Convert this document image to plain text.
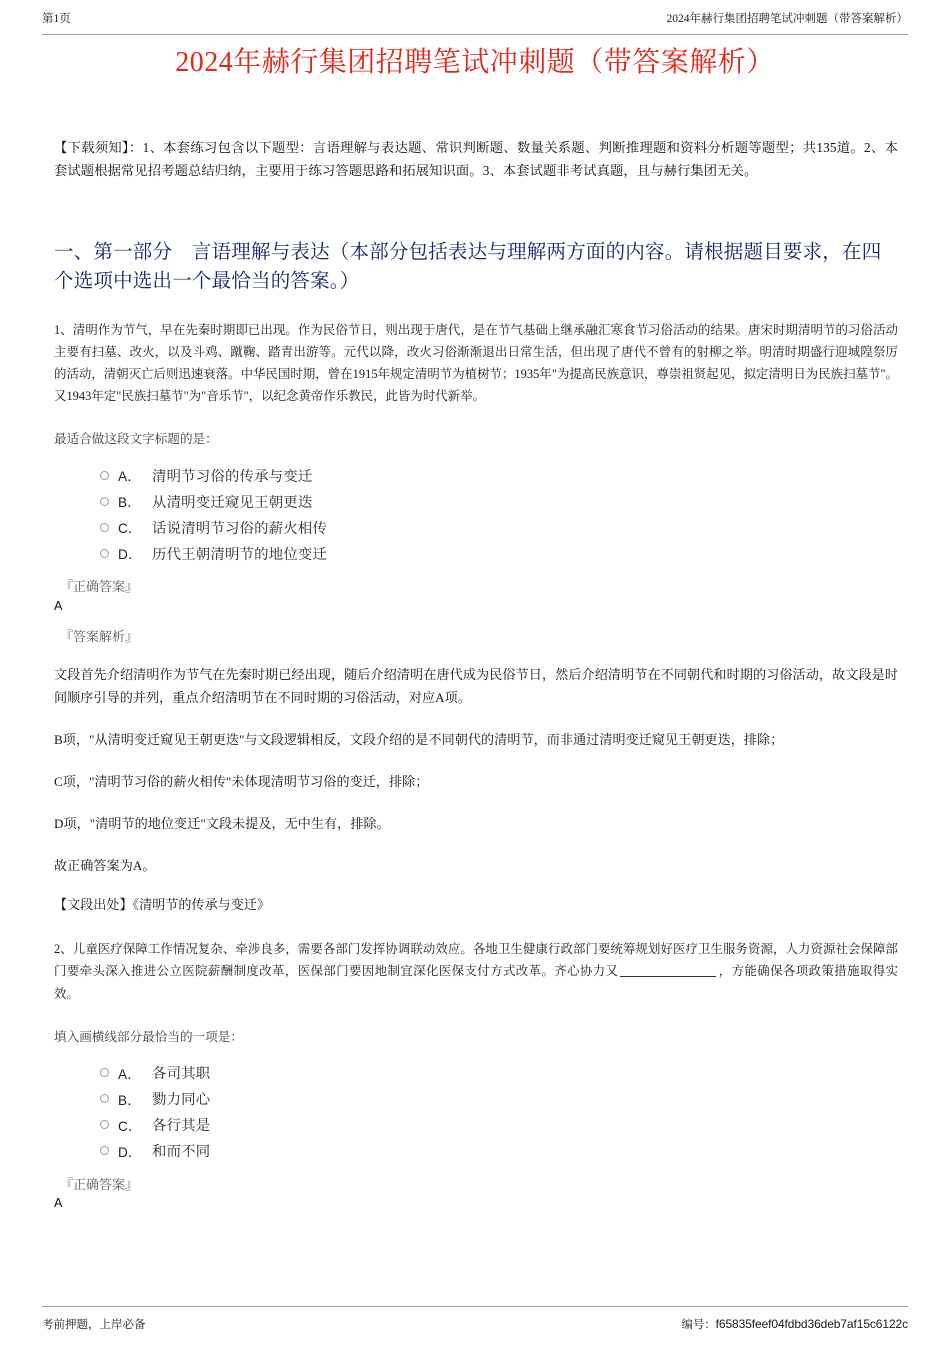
第1页	2024年赫行集团招聘笔试冲刺题（带答案解析）
2024年赫行集团招聘笔试冲刺题（带答案解析）
【下载须知】：1、本套练习包含以下题型：言语理解与表达题、常识判断题、数量关系题、判断推理题和资料分析题等题型；共135道。2、本套试题根据常见招考题总结归纳，主要用于练习答题思路和拓展知识面。3、本套试题非考试真题，且与赫行集团无关。
一、第一部分　言语理解与表达（本部分包括表达与理解两方面的内容。请根据题目要求，在四个选项中选出一个最恰当的答案。）
1、清明作为节气，早在先秦时期即已出现。作为民俗节日，则出现于唐代，是在节气基础上继承融汇寒食节习俗活动的结果。唐宋时期清明节的习俗活动主要有扫墓、改火，以及斗鸡、蹴鞠、踏青出游等。元代以降，改火习俗渐渐退出日常生活，但出现了唐代不曾有的射柳之举。明清时期盛行迎城隍祭厉的活动，清朝灭亡后则迅速衰落。中华民国时期，曾在1915年规定清明节为植树节；1935年"为提高民族意识，尊崇祖贤起见，拟定清明日为民族扫墓节"。又1943年定"民族扫墓节"为"音乐节"，以纪念黄帝作乐教民，此皆为时代新举。
最适合做这段文字标题的是：
A． 清明节习俗的传承与变迁
B． 从清明变迁窥见王朝更迭
C． 话说清明节习俗的薪火相传
D． 历代王朝清明节的地位变迁
『正确答案』
A
『答案解析』
文段首先介绍清明作为节气在先秦时期已经出现，随后介绍清明在唐代成为民俗节日，然后介绍清明节在不同朝代和时期的习俗活动，故文段是时间顺序引导的并列，重点介绍清明节在不同时期的习俗活动，对应A项。
B项，"从清明变迁窥见王朝更迭"与文段逻辑相反，文段介绍的是不同朝代的清明节，而非通过清明变迁窥见王朝更迭，排除；
C项，"清明节习俗的薪火相传"未体现清明节习俗的变迁，排除；
D项，"清明节的地位变迁"文段未提及，无中生有，排除。
故正确答案为A。
【文段出处】《清明节的传承与变迁》
2、儿童医疗保障工作情况复杂、牵涉良多，需要各部门发挥协调联动效应。各地卫生健康行政部门要统筹规划好医疗卫生服务资源，人力资源社会保障部门要牵头深入推进公立医院薪酬制度改革，医保部门要因地制宜深化医保支付方式改革。齐心协力又	，方能确保各项政策措施取得实效。
填入画横线部分最恰当的一项是：
A． 各司其职
B． 勠力同心
C． 各行其是
D． 和而不同
『正确答案』
A
考前押题，上岸必备	编号：f65835feef04fdbd36deb7af15c6122c
